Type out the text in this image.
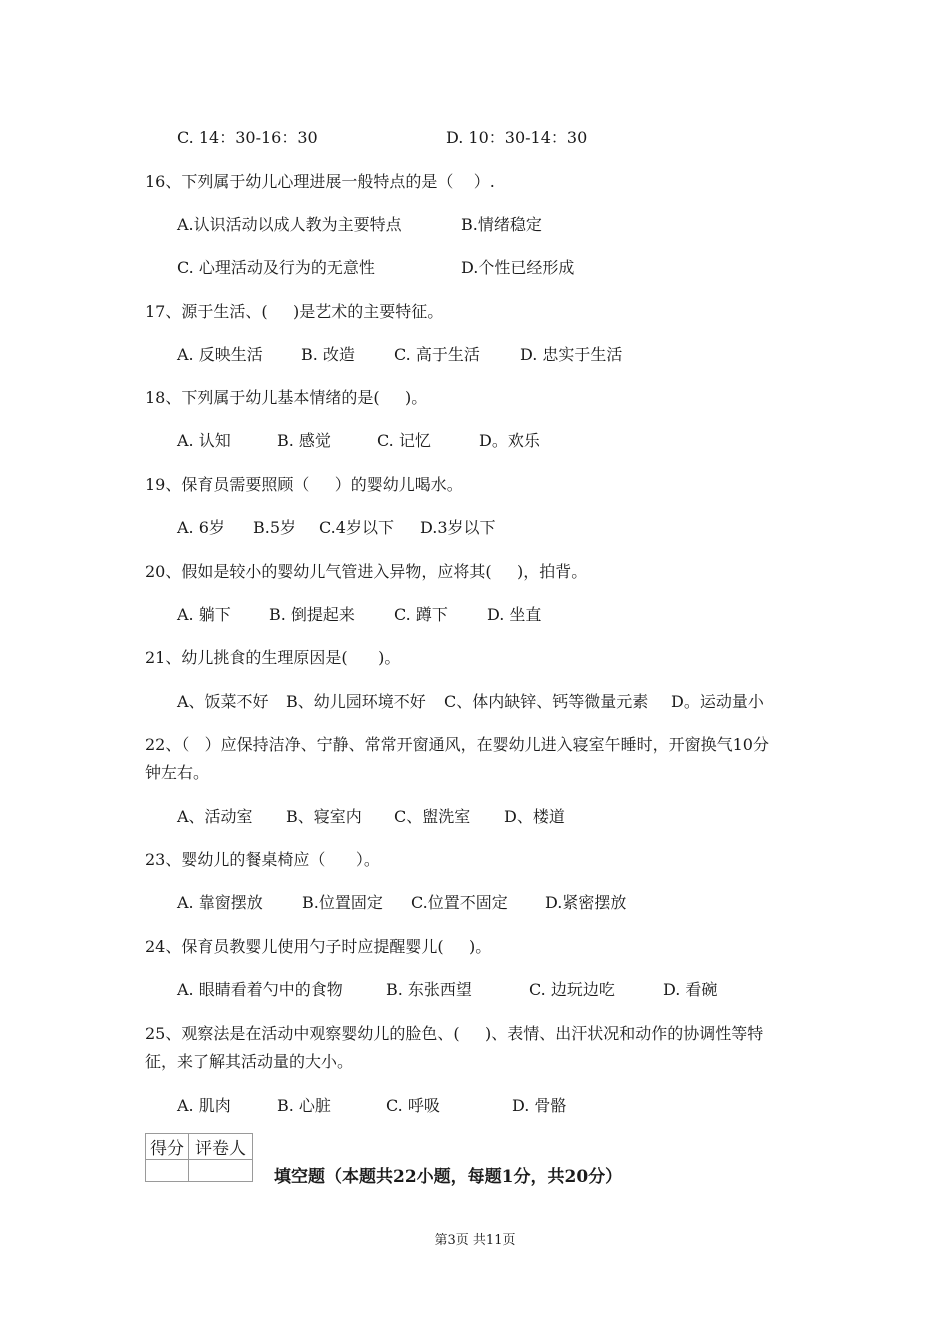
C. 14：30-16：30	D. 10：30-14：30
16、下列属于幼儿心理进展一般特点的是（    ）.
A.认识活动以成人教为主要特点	B.情绪稳定
C. 心理活动及行为的无意性	D.个性已经形成
17、源于生活、(     )是艺术的主要特征。
A. 反映生活 B. 改造 C. 高于生活	D. 忠实于生活
18、下列属于幼儿基本情绪的是(     )。
A. 认知	B. 感觉	C. 记忆	D。欢乐
19、保育员需要照顾（     ）的婴幼儿喝水。
A. 6岁 B.5岁 C.4岁以下 D.3岁以下
20、假如是较小的婴幼儿气管进入异物，应将其(     )，拍背。
A. 躺下 B. 倒提起来 C. 蹲下 D. 坐直
21、幼儿挑食的生理原因是(      )。
A、饭菜不好 B、幼儿园环境不好 C、体内缺锌、钙等微量元素 D。运动量小
22、（   ）应保持洁净、宁静、常常开窗通风，在婴幼儿进入寝室午睡时，开窗换气10分
钟左右。
A、活动室 B、寝室内 C、盥洗室 D、楼道
23、婴幼儿的餐桌椅应（      ）。
A. 靠窗摆放 B.位置固定 C.位置不固定 D.紧密摆放
24、保育员教婴儿使用勺子时应提醒婴儿(     )。
A. 眼睛看着勺中的食物	B. 东张西望	C. 边玩边吃	D. 看碗
25、观察法是在活动中观察婴幼儿的脸色、(     )、表情、出汗状况和动作的协调性等特
征，来了解其活动量的大小。
A. 肌肉	B. 心脏	C. 呼吸	D. 骨骼
得分	评卷人

填空题（本题共22小题，每题1分，共20分）
第3页 共11页
